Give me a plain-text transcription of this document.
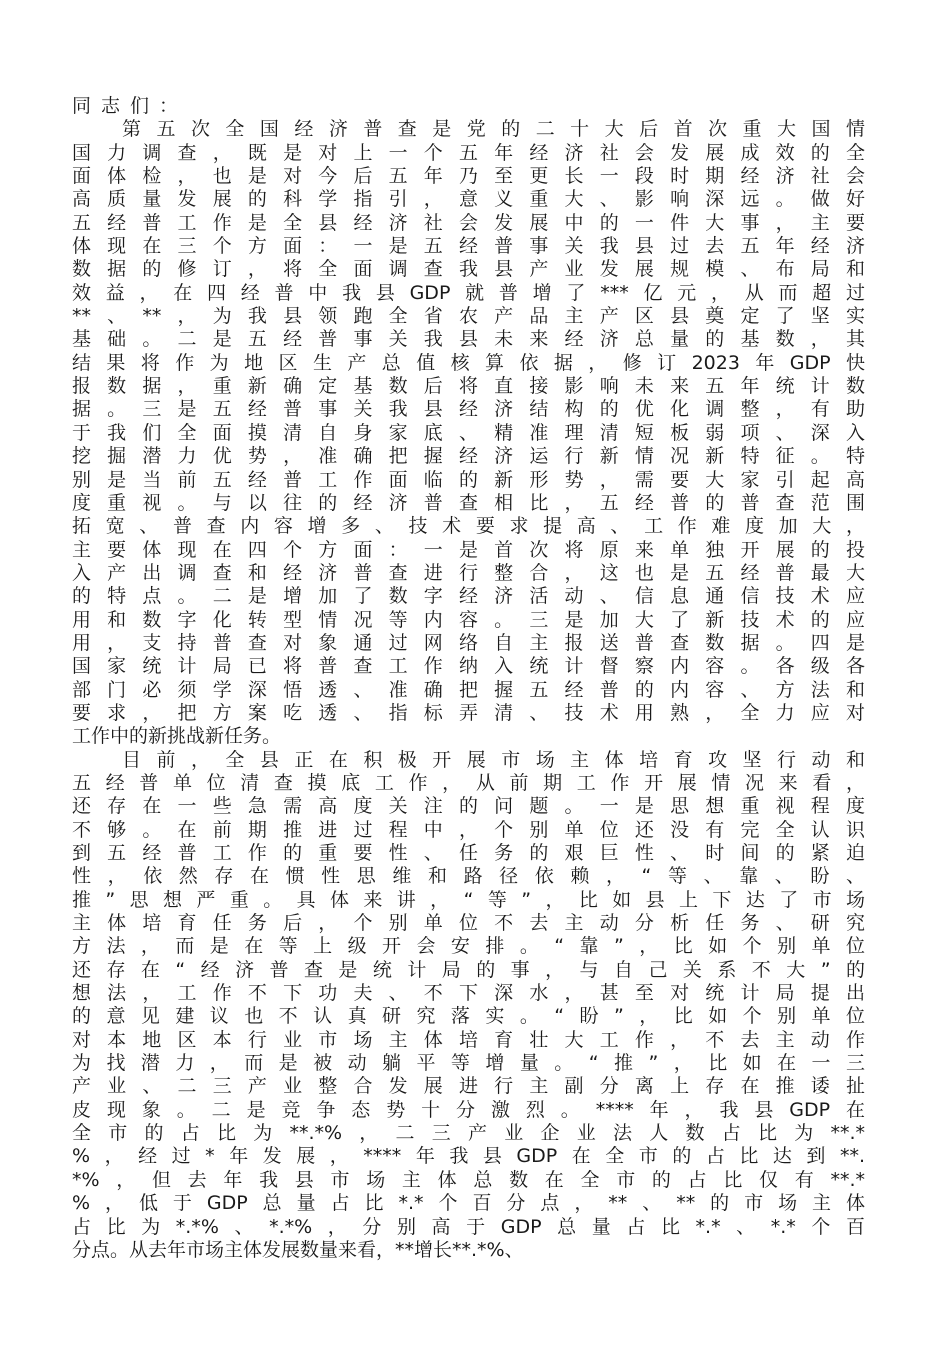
同志们：
第五次全国经济普查是党的二十大后首次重大国情
国力调查，既是对上一个五年经济社会发展成效的全
面体检，也是对今后五年乃至更长一段时期经济社会
高质量发展的科学指引，意义重大、影响深远。做好
五经普工作是全县经济社会发展中的一件大事，主要
体现在三个方面：一是五经普事关我县过去五年经济
数据的修订，将全面调查我县产业发展规模、布局和
效益，在四经普中我县GDP就普增了***亿元，从而超过
**、**，为我县领跑全省农产品主产区县奠定了坚实
基础。二是五经普事关我县未来经济总量的基数，其
结果将作为地区生产总值核算依据，修订2023年GDP快
报数据，重新确定基数后将直接影响未来五年统计数
据。三是五经普事关我县经济结构的优化调整，有助
于我们全面摸清自身家底、精准理清短板弱项、深入
挖掘潜力优势，准确把握经济运行新情况新特征。特
别是当前五经普工作面临的新形势，需要大家引起高
度重视。与以往的经济普查相比，五经普的普查范围
拓宽、普查内容增多、技术要求提高、工作难度加大，
主要体现在四个方面：一是首次将原来单独开展的投
入产出调查和经济普查进行整合，这也是五经普最大
的特点。二是增加了数字经济活动、信息通信技术应
用和数字化转型情况等内容。三是加大了新技术的应
用，支持普查对象通过网络自主报送普查数据。四是
国家统计局已将普查工作纳入统计督察内容。各级各
部门必须学深悟透、准确把握五经普的内容、方法和
要求，把方案吃透、指标弄清、技术用熟，全力应对
工作中的新挑战新任务。
目前，全县正在积极开展市场主体培育攻坚行动和
五经普单位清查摸底工作，从前期工作开展情况来看，
还存在一些急需高度关注的问题。一是思想重视程度
不够。在前期推进过程中，个别单位还没有完全认识
到五经普工作的重要性、任务的艰巨性、时间的紧迫
性，依然存在惯性思维和路径依赖，“等、靠、盼、
推”思想严重。具体来讲，“等”，比如县上下达了市场
主体培育任务后，个别单位不去主动分析任务、研究
方法，而是在等上级开会安排。“靠”，比如个别单位
还存在“经济普查是统计局的事，与自己关系不大”的
想法，工作不下功夫、不下深水，甚至对统计局提出
的意见建议也不认真研究落实。“盼”，比如个别单位
对本地区本行业市场主体培育壮大工作，不去主动作
为找潜力，而是被动躺平等增量。“推”，比如在一三
产业、二三产业整合发展进行主副分离上存在推诿扯
皮现象。二是竞争态势十分激烈。****年，我县GDP在
全市的占比为**.*%，二三产业企业法人数占比为**.*
%，经过*年发展，****年我县GDP在全市的占比达到**.
*%，但去年我县市场主体总数在全市的占比仅有**.*
%，低于GDP总量占比*.*个百分点，**、**的市场主体
占比为*.*%、*.*%，分别高于GDP总量占比*.*、*.*个百
分点。从去年市场主体发展数量来看，**增长**.*%、
